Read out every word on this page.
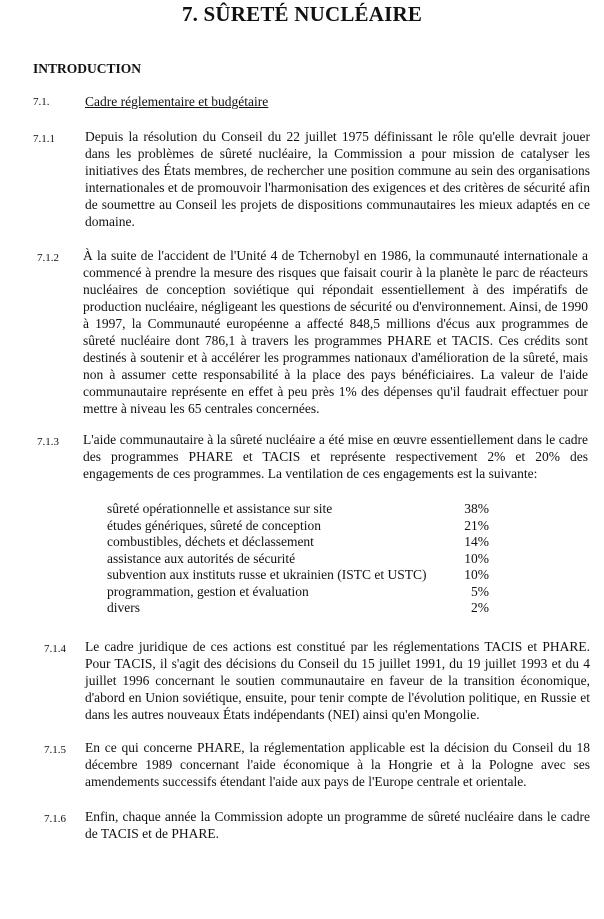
7. SÛRETÉ NUCLÉAIRE
INTRODUCTION
7.1.	Cadre réglementaire et budgétaire
7.1.1 Depuis la résolution du Conseil du 22 juillet 1975 définissant le rôle qu'elle devrait jouer dans les problèmes de sûreté nucléaire, la Commission a pour mission de catalyser les initiatives des États membres, de rechercher une position commune au sein des organisations internationales et de promouvoir l'harmonisation des exigences et des critères de sécurité afin de soumettre au Conseil les projets de dispositions communautaires les mieux adaptés en ce domaine.
7.1.2 À la suite de l'accident de l'Unité 4 de Tchernobyl en 1986, la communauté internationale a commencé à prendre la mesure des risques que faisait courir à la planète le parc de réacteurs nucléaires de conception soviétique qui répondait essentiellement à des impératifs de production nucléaire, négligeant les questions de sécurité ou d'environnement. Ainsi, de 1990 à 1997, la Communauté européenne a affecté 848,5 millions d'écus aux programmes de sûreté nucléaire dont 786,1 à travers les programmes PHARE et TACIS. Ces crédits sont destinés à soutenir et à accélérer les programmes nationaux d'amélioration de la sûreté, mais non à assumer cette responsabilité à la place des pays bénéficiaires. La valeur de l'aide communautaire représente en effet à peu près 1% des dépenses qu'il faudrait effectuer pour mettre à niveau les 65 centrales concernées.
7.1.3 L'aide communautaire à la sûreté nucléaire a été mise en œuvre essentiellement dans le cadre des programmes PHARE et TACIS et représente respectivement 2% et 20% des engagements de ces programmes. La ventilation de ces engagements est la suivante:
sûreté opérationnelle et assistance sur site	38%
études génériques, sûreté de conception	21%
combustibles, déchets et déclassement	14%
assistance aux autorités de sécurité	10%
subvention aux instituts russe et ukrainien (ISTC et USTC)	10%
programmation, gestion et évaluation	5%
divers	2%
7.1.4 Le cadre juridique de ces actions est constitué par les réglementations TACIS et PHARE. Pour TACIS, il s'agit des décisions du Conseil du 15 juillet 1991, du 19 juillet 1993 et du 4 juillet 1996 concernant le soutien communautaire en faveur de la transition économique, d'abord en Union soviétique, ensuite, pour tenir compte de l'évolution politique, en Russie et dans les autres nouveaux États indépendants (NEI) ainsi qu'en Mongolie.
7.1.5 En ce qui concerne PHARE, la réglementation applicable est la décision du Conseil du 18 décembre 1989 concernant l'aide économique à la Hongrie et à la Pologne avec ses amendements successifs étendant l'aide aux pays de l'Europe centrale et orientale.
7.1.6 Enfin, chaque année la Commission adopte un programme de sûreté nucléaire dans le cadre de TACIS et de PHARE.
